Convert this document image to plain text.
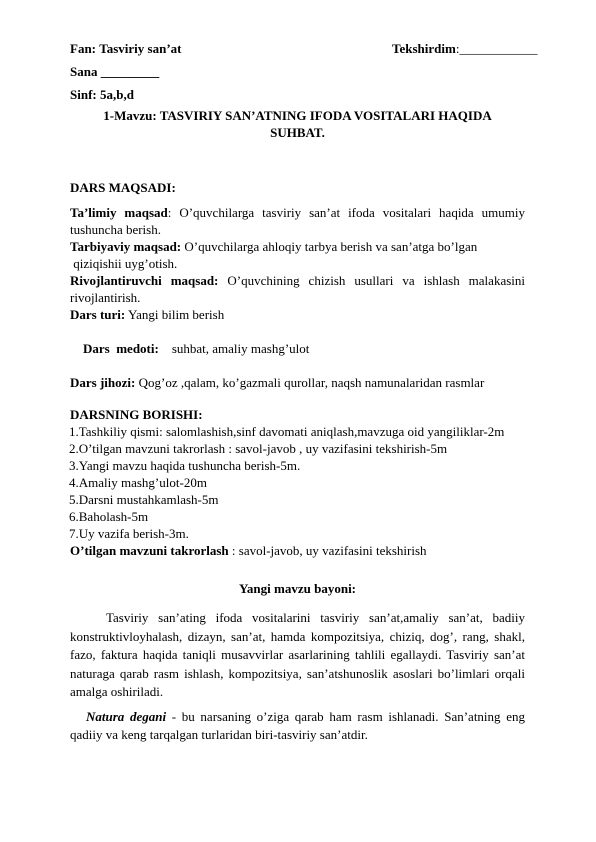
Fan: Tasviriy san’at	Tekshirdim:____________
Sana _________
Sinf: 5a,b,d

1-Mavzu: TASVIRIY SAN’ATNING IFODA VOSITALARI HAQIDA

SUHBAT.

DARS MAQSADI:

Ta’limiy maqsad: O’quvchilarga tasviriy san’at ifoda vositalari haqida umumiy tushuncha berish.

Tarbiyaviy maqsad: O’quvchilarga ahloqiy tarbya berish va san’atga bo’lgan

qiziqishii uyg’otish.

Rivojlantiruvchi maqsad: O’quvchining chizish usullari va ishlash malakasini rivojlantirish.

Dars turi: Yangi bilim berish

Dars  medoti:    suhbat, amaliy mashg’ulot

Dars jihozi: Qog’oz ,qalam, ko’gazmali qurollar, naqsh namunalaridan rasmlar

DARSNING BORISHI:

1.Tashkiliy qismi: salomlashish,sinf davomati aniqlash,mavzuga oid yangiliklar-2m

2.O’tilgan mavzuni takrorlash : savol-javob , uy vazifasini tekshirish-5m

3.Yangi mavzu haqida tushuncha berish-5m.

4.Amaliy mashg’ulot-20m

5.Darsni mustahkamlash-5m

6.Baholash-5m

7.Uy vazifa berish-3m.

O’tilgan mavzuni takrorlash : savol-javob, uy vazifasini tekshirish

Yangi mavzu bayoni:

Tasviriy san’ating ifoda vositalarini tasviriy san’at,amaliy san’at, badiiy konstruktivloyhalash, dizayn, san’at, hamda kompozitsiya, chiziq, dog’, rang, shakl, fazo, faktura haqida taniqli musavvirlar asarlarining tahlili egallaydi. Tasviriy san’at naturaga qarab rasm ishlash, kompozitsiya, san’atshunoslik asoslari bo’limlari orqali amalga oshiriladi.

Natura degani - bu narsaning o’ziga qarab ham rasm ishlanadi. San’atning eng qadiiy va keng tarqalgan turlaridan biri-tasviriy san’atdir.
